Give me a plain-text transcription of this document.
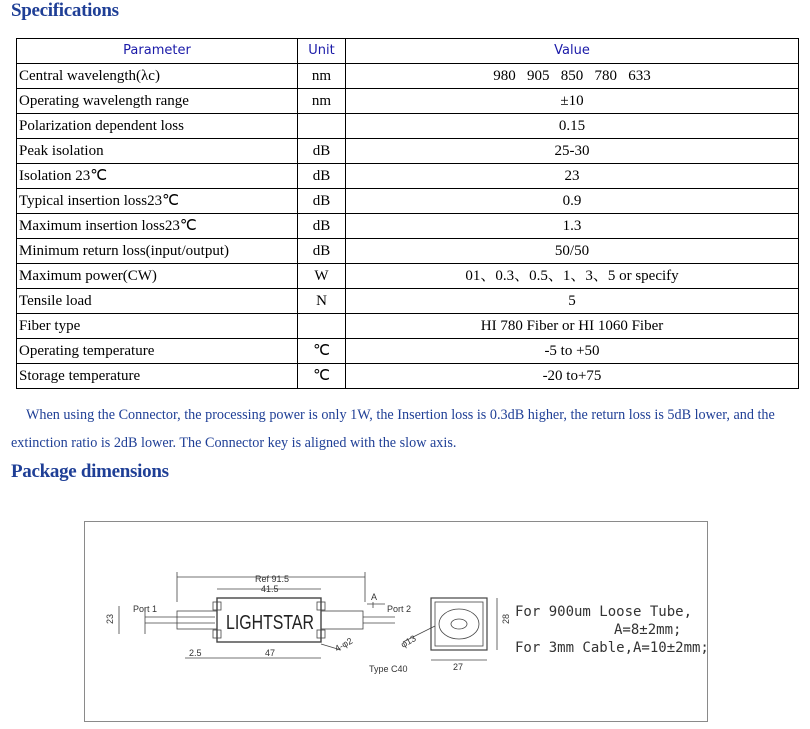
Specifications
Parameter	Unit	Value
Central wavelength(λc)	nm	980   905   850   780   633
Operating wavelength range	nm	±10
Polarization dependent loss		0.15
Peak isolation	dB	25-30
Isolation 23℃	dB	23
Typical insertion loss23℃	dB	0.9
Maximum insertion loss23℃	dB	1.3
Minimum return loss(input/output)	dB	50/50
Maximum power(CW)	W	01、0.3、0.5、1、3、5 or specify
Tensile load	N	5
Fiber type		HI 780 Fiber or HI 1060 Fiber
Operating temperature	℃	-5 to +50
Storage temperature	℃	-20 to+75

When using the Connector, the processing power is only 1W, the Insertion loss is 0.3dB higher, the return loss is 5dB lower, and the extinction ratio is 2dB lower. The Connector key is aligned with the slow axis.

Package dimensions
Ref 91.5
41.5
Port 1	Port 2
LIGHTSTAR
23
2.5	47	4-φ2
A
φ13
28
27
Type C40
For 900um Loose Tube,
A=8±2mm;
For 3mm Cable,A=10±2mm;
